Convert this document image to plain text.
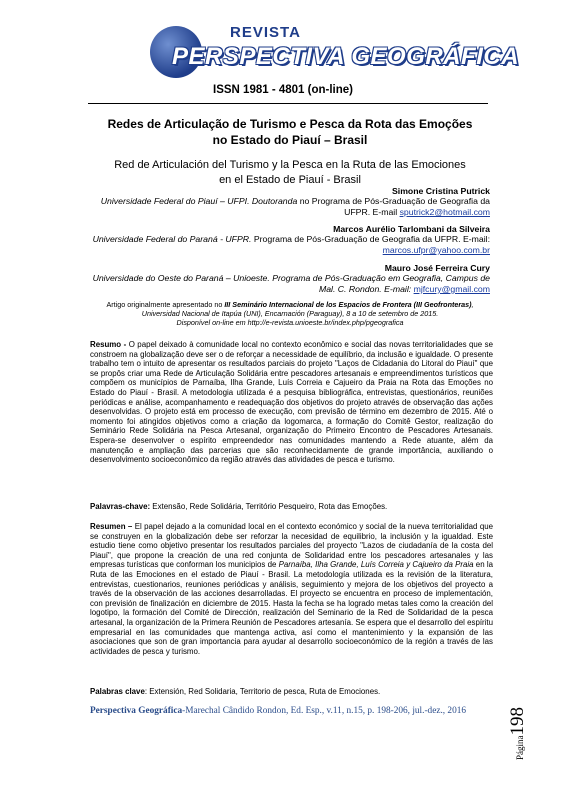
REVISTA
PERSPECTIVA GEOGRÁFICA
ISSN 1981 - 4801 (on-line)
Redes de Articulação de Turismo e Pesca da Rota das Emoções no Estado do Piauí – Brasil
Red de Articulación del Turismo y la Pesca en la Ruta de las Emociones en el Estado de Piauí - Brasil
Simone Cristina Putrick
Universidade Federal do Piauí – UFPI. Doutoranda no Programa de Pós-Graduação de Geografia da UFPR. E-mail sputrick2@hotmail.com
Marcos Aurélio Tarlombani da Silveira
Universidade Federal do Paraná - UFPR. Programa de Pós-Graduação de Geografia da UFPR. E-mail: marcos.ufpr@yahoo.com.br
Mauro José Ferreira Cury
Universidade do Oeste do Paraná – Unioeste. Programa de Pós-Graduação em Geografia, Campus de Mal. C. Rondon. E-mail: mjfcury@gmail.com
Artigo originalmente apresentado no III Seminário Internacional de los Espacios de Frontera (III Geofronteras), Universidad Nacional de Itapúa (UNI), Encarnación (Paraguay), 8 a 10 de setembro de 2015.
Disponível on-line em http://e-revista.unioeste.br/index.php/pgeografica
Resumo - O papel deixado à comunidade local no contexto econômico e social das novas territorialidades que se constroem na globalização deve ser o de reforçar a necessidade de equilíbrio, da inclusão e igualdade. O presente trabalho tem o intuito de apresentar os resultados parciais do projeto "Laços de Cidadania do Litoral do Piauí" que se propôs criar uma Rede de Articulação Solidária entre pescadores artesanais e empreendimentos turísticos que compõem os municípios de Parnaíba, Ilha Grande, Luís Correia e Cajueiro da Praia na Rota das Emoções no Estado do Piauí - Brasil. A metodologia utilizada é a pesquisa bibliográfica, entrevistas, questionários, reuniões periódicas e análise, acompanhamento e readequação dos objetivos do projeto através de observação das ações desenvolvidas. O projeto está em processo de execução, com previsão de término em dezembro de 2015. Até o momento foi atingidos objetivos como a criação da logomarca, a formação do Comitê Gestor, realização do Seminário Rede Solidária na Pesca Artesanal, organização do Primeiro Encontro de Pescadores Artesanais. Espera-se desenvolver o espírito empreendedor nas comunidades mantendo a Rede atuante, além da manutenção e ampliação das parcerias que são reconhecidamente de grande importância, auxiliando o desenvolvimento socioeconômico da região através das atividades de pesca e turismo.
Palavras-chave: Extensão, Rede Solidária, Território Pesqueiro, Rota das Emoções.
Resumen – El papel dejado a la comunidad local en el contexto económico y social de la nueva territorialidad que se construyen en la globalización debe ser reforzar la necesidad de equilibrio, la inclusión y la igualdad. Este estudio tiene como objetivo presentar los resultados parciales del proyecto "Lazos de ciudadanía de la costa del Piauí", que propone la creación de una red conjunta de Solidaridad entre los pescadores artesanales y las empresas turísticas que conforman los municipios de Parnaíba, Ilha Grande, Luís Correia y Cajueiro da Praia en la Ruta de las Emociones en el estado de Piauí - Brasil. La metodología utilizada es la revisión de la literatura, entrevistas, cuestionarios, reuniones periódicas y análisis, seguimiento y mejora de los objetivos del proyecto a través de la observación de las acciones desarrolladas. El proyecto se encuentra en proceso de implementación, con previsión de finalización en diciembre de 2015. Hasta la fecha se ha logrado metas tales como la creación del logotipo, la formación del Comité de Dirección, realización del Seminario de la Red de Solidaridad de la pesca artesanal, la organización de la Primera Reunión de Pescadores artesanía. Se espera que el desarrollo del espíritu empresarial en las comunidades que mantenga activa, así como el mantenimiento y la expansión de las asociaciones que son de gran importancia para ayudar al desarrollo socioeconómico de la región a través de las actividades de pesca y turismo.
Palabras clave: Extensión, Red Solidaria, Territorio de pesca, Ruta de Emociones.
Perspectiva Geográfica-Marechal Cândido Rondon, Ed. Esp., v.11, n.15, p. 198-206, jul.-dez., 2016
Página198
